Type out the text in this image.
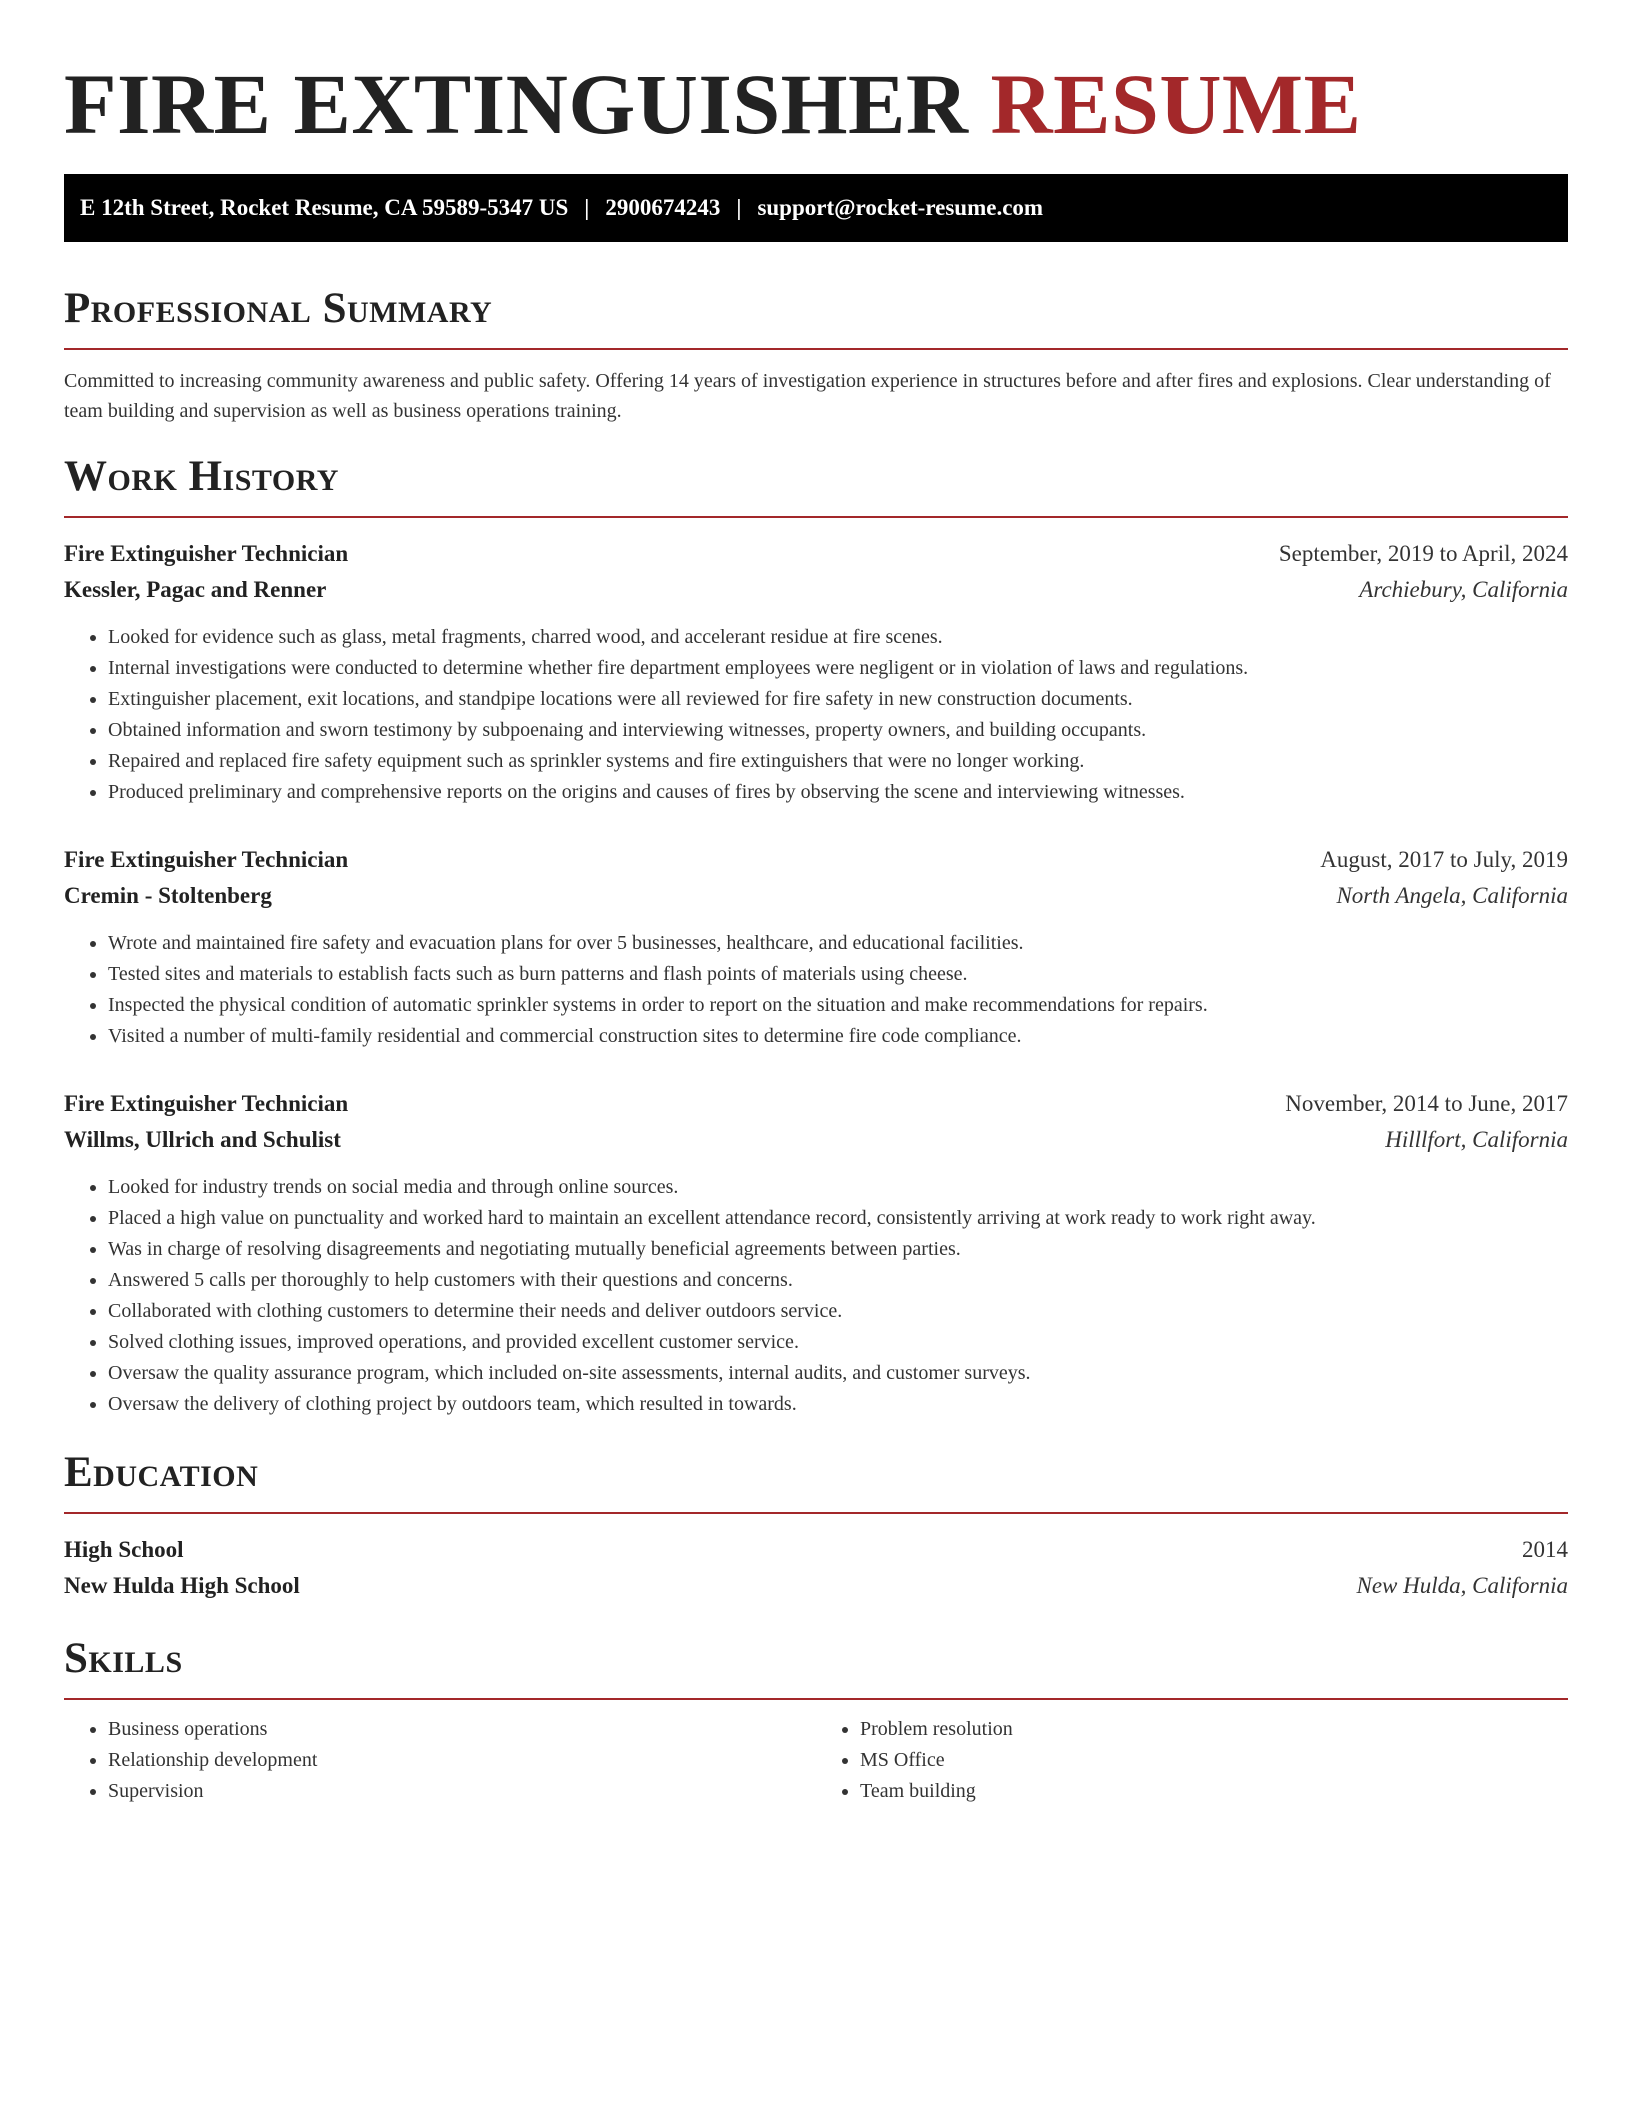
FIRE EXTINGUISHER RESUME
E 12th Street, Rocket Resume, CA 59589-5347 US | 2900674243 | support@rocket-resume.com
Professional Summary

Committed to increasing community awareness and public safety. Offering 14 years of investigation experience in structures before and after fires and explosions. Clear understanding of team building and supervision as well as business operations training.

Work History
Fire Extinguisher Technician	September, 2019 to April, 2024
Kessler, Pagac and Renner	Archiebury, California
• Looked for evidence such as glass, metal fragments, charred wood, and accelerant residue at fire scenes.
• Internal investigations were conducted to determine whether fire department employees were negligent or in violation of laws and regulations.
• Extinguisher placement, exit locations, and standpipe locations were all reviewed for fire safety in new construction documents.
• Obtained information and sworn testimony by subpoenaing and interviewing witnesses, property owners, and building occupants.
• Repaired and replaced fire safety equipment such as sprinkler systems and fire extinguishers that were no longer working.
• Produced preliminary and comprehensive reports on the origins and causes of fires by observing the scene and interviewing witnesses.
Fire Extinguisher Technician	August, 2017 to July, 2019
Cremin - Stoltenberg	North Angela, California
• Wrote and maintained fire safety and evacuation plans for over 5 businesses, healthcare, and educational facilities.
• Tested sites and materials to establish facts such as burn patterns and flash points of materials using cheese.
• Inspected the physical condition of automatic sprinkler systems in order to report on the situation and make recommendations for repairs.
• Visited a number of multi-family residential and commercial construction sites to determine fire code compliance.
Fire Extinguisher Technician	November, 2014 to June, 2017
Willms, Ullrich and Schulist	Hilllfort, California
• Looked for industry trends on social media and through online sources.
• Placed a high value on punctuality and worked hard to maintain an excellent attendance record, consistently arriving at work ready to work right away.
• Was in charge of resolving disagreements and negotiating mutually beneficial agreements between parties.
• Answered 5 calls per thoroughly to help customers with their questions and concerns.
• Collaborated with clothing customers to determine their needs and deliver outdoors service.
• Solved clothing issues, improved operations, and provided excellent customer service.
• Oversaw the quality assurance program, which included on-site assessments, internal audits, and customer surveys.
• Oversaw the delivery of clothing project by outdoors team, which resulted in towards.
Education
High School	2014
New Hulda High School	New Hulda, California
Skills
• Business operations
• Relationship development
• Supervision
• Problem resolution
• MS Office
• Team building
